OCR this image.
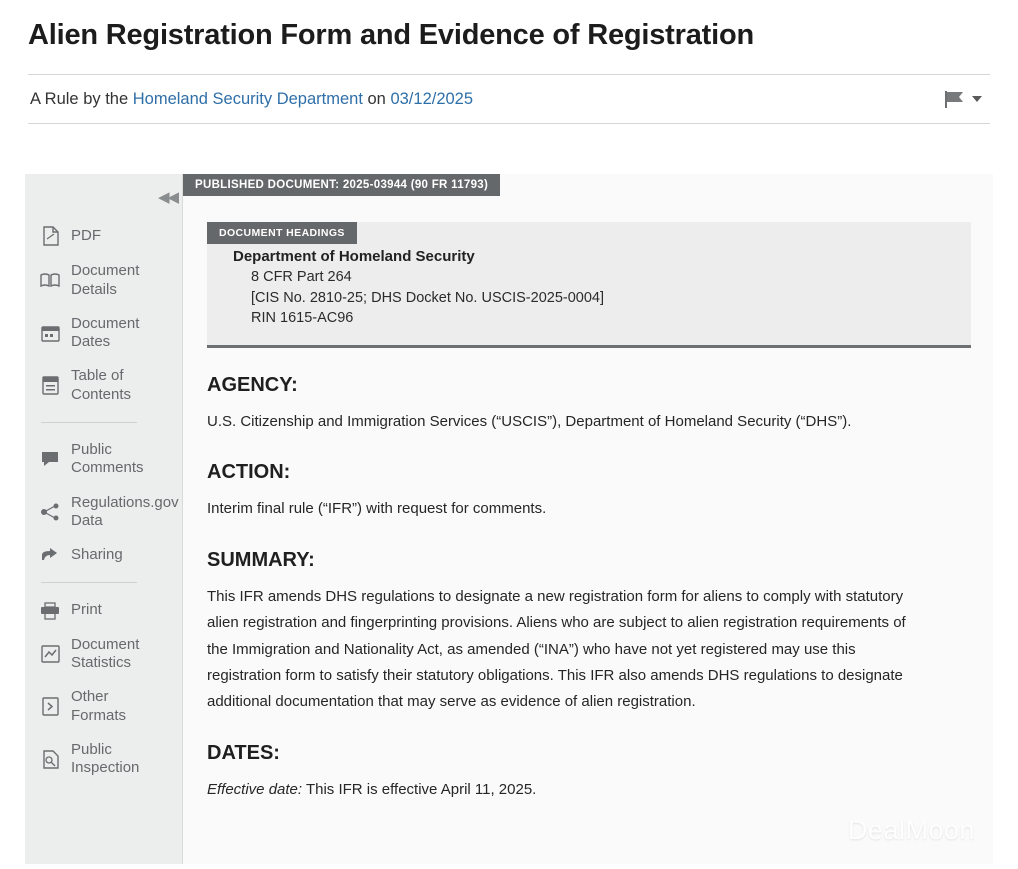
Alien Registration Form and Evidence of Registration
A Rule by the Homeland Security Department on 03/12/2025
◀◀
PDF
Document Details
Document Dates
Table of Contents
Public Comments
Regulations.gov Data
Sharing
Print
Document Statistics
Other Formats
Public Inspection
PUBLISHED DOCUMENT: 2025-03944 (90 FR 11793)
DOCUMENT HEADINGS
Department of Homeland Security
8 CFR Part 264
[CIS No. 2810-25; DHS Docket No. USCIS-2025-0004]
RIN 1615-AC96
AGENCY:

U.S. Citizenship and Immigration Services (“USCIS”), Department of Homeland Security (“DHS”).

ACTION:

Interim final rule (“IFR”) with request for comments.

SUMMARY:

This IFR amends DHS regulations to designate a new registration form for aliens to comply with statutory alien registration and fingerprinting provisions. Aliens who are subject to alien registration requirements of the Immigration and Nationality Act, as amended (“INA”) who have not yet registered may use this registration form to satisfy their statutory obligations. This IFR also amends DHS regulations to designate additional documentation that may serve as evidence of alien registration.

DATES:

Effective date: This IFR is effective April 11, 2025.

DealMoon
